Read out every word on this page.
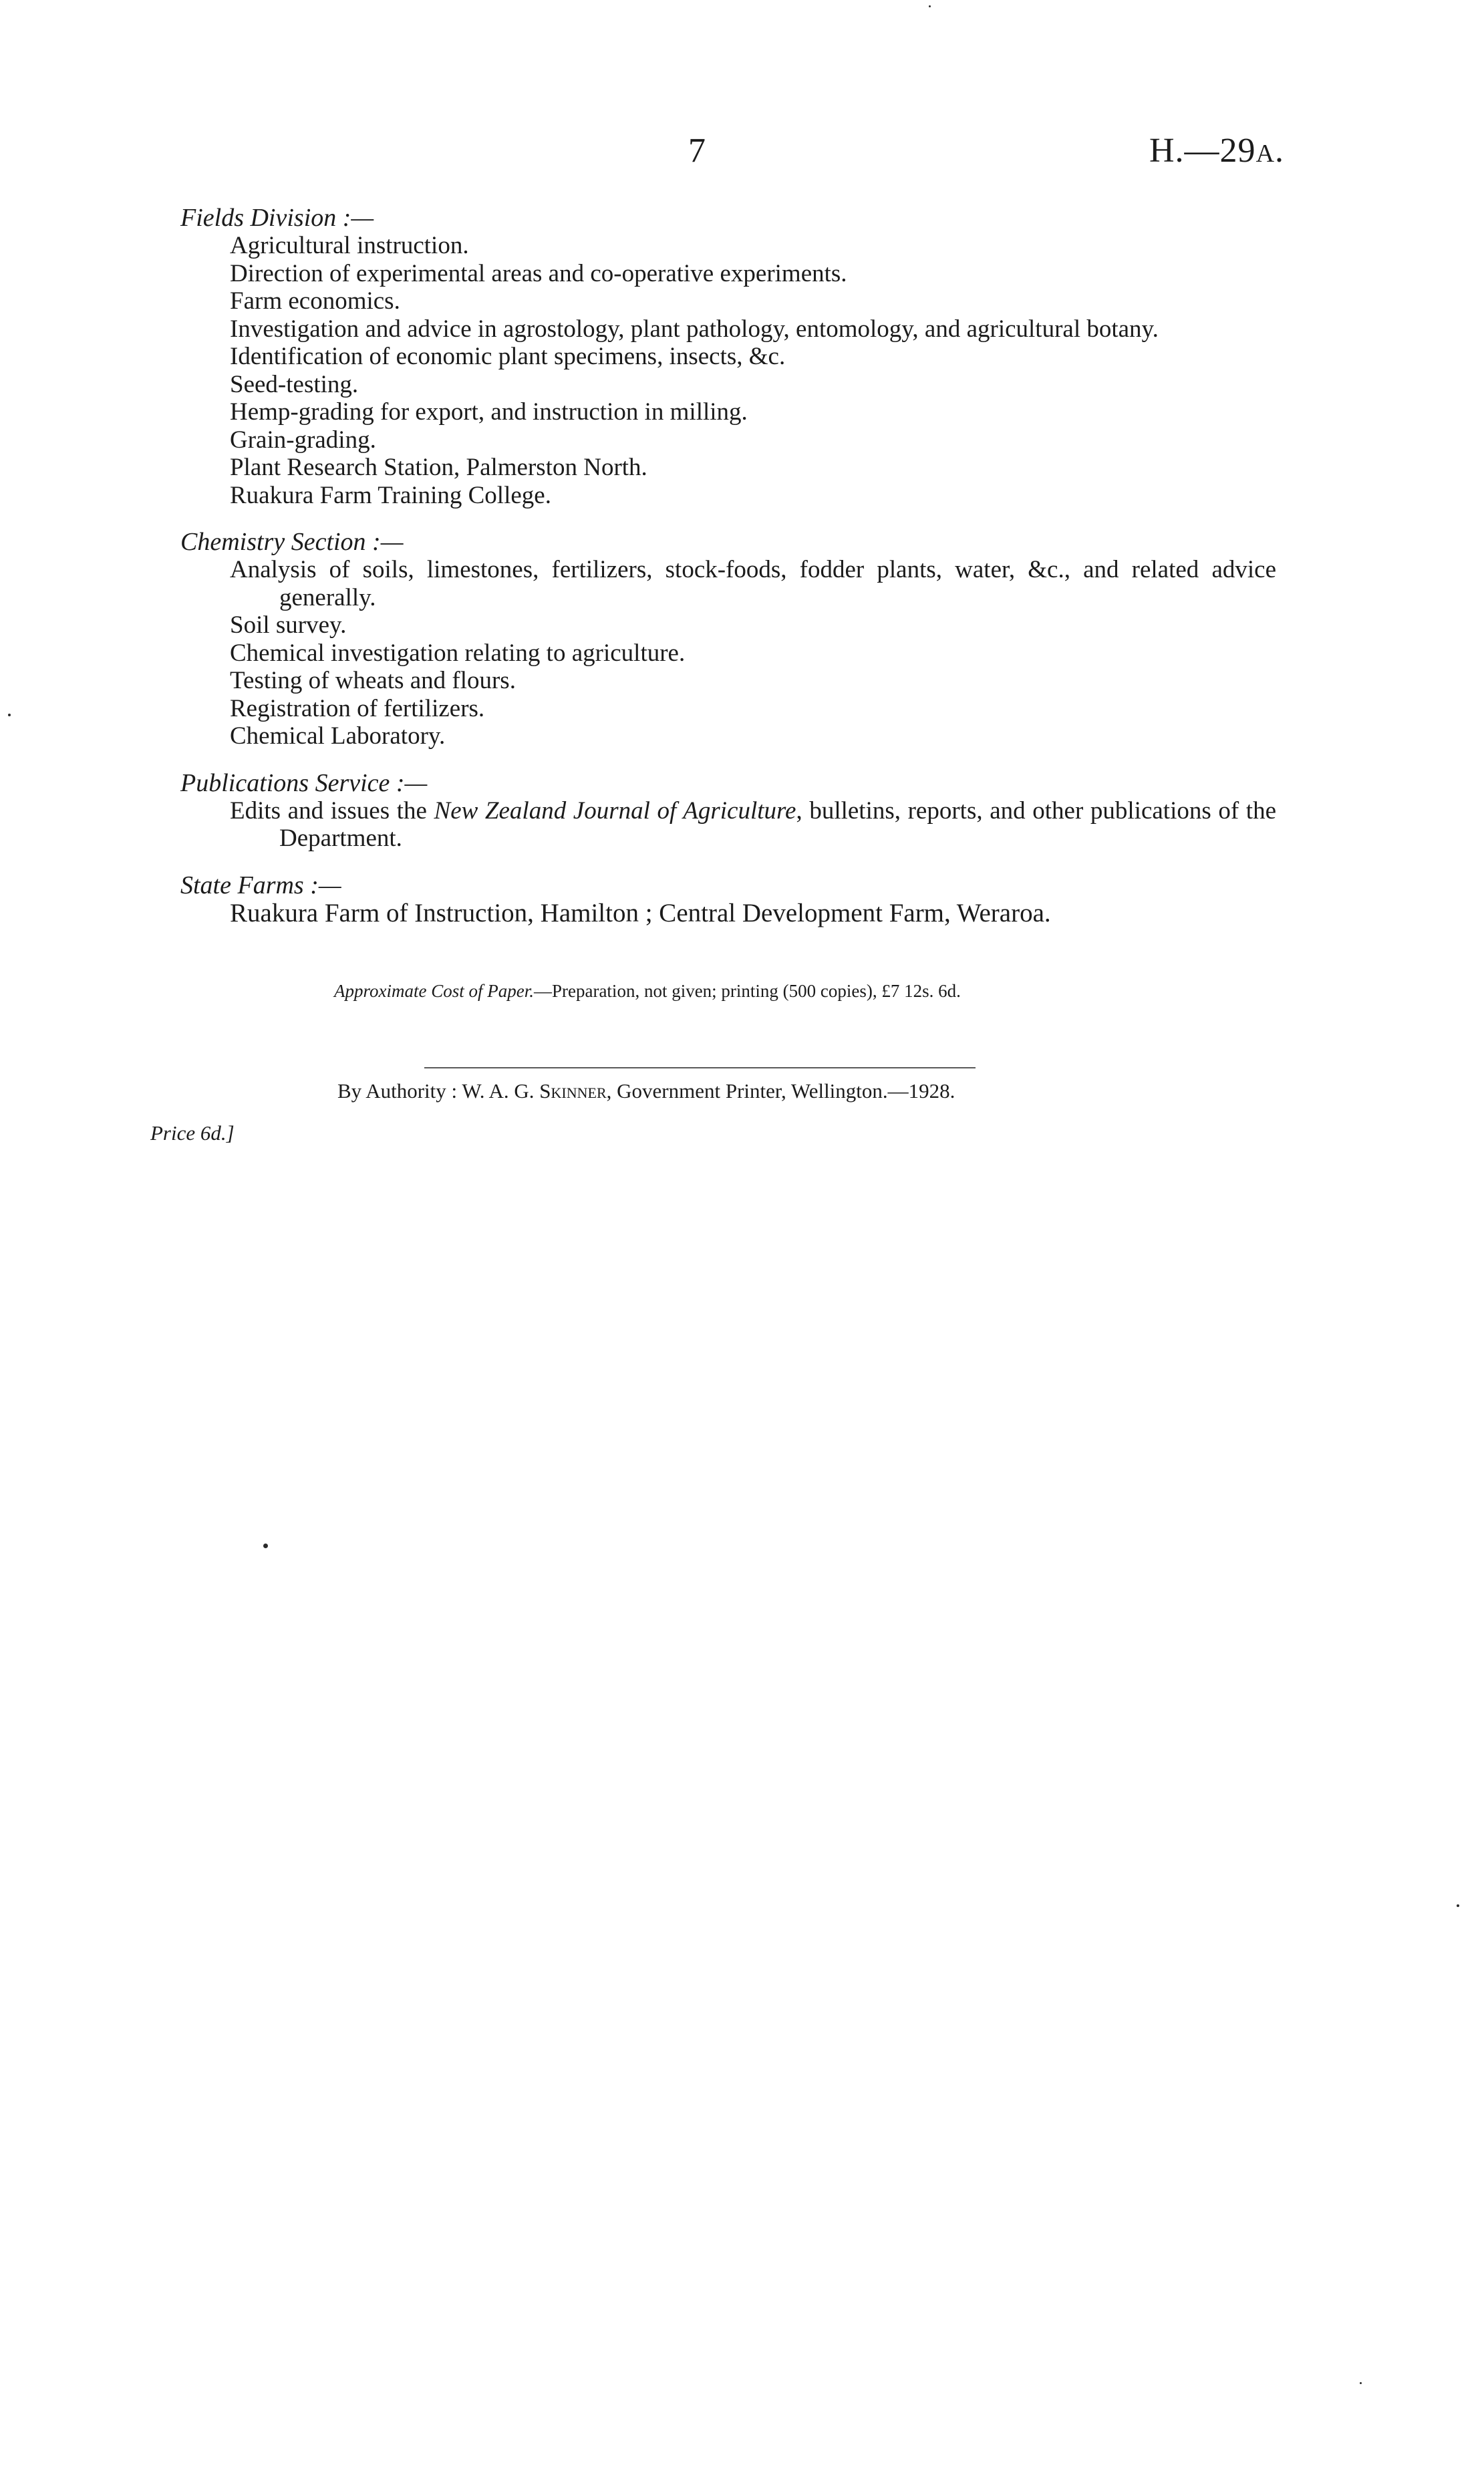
7	H.—29A.

Fields Division :—

Agricultural instruction.
Direction of experimental areas and co-operative experiments.
Farm economics.
Investigation and advice in agrostology, plant pathology, entomology, and agricultural botany.
Identification of economic plant specimens, insects, &c.
Seed-testing.
Hemp-grading for export, and instruction in milling.
Grain-grading.
Plant Research Station, Palmerston North.
Ruakura Farm Training College.

Chemistry Section :—

Analysis of soils, limestones, fertilizers, stock-foods, fodder plants, water, &c., and related advice generally.
Soil survey.
Chemical investigation relating to agriculture.
Testing of wheats and flours.
Registration of fertilizers.
Chemical Laboratory.

Publications Service :—

Edits and issues the New Zealand Journal of Agriculture, bulletins, reports, and other publications of the Department.

State Farms :—

Ruakura Farm of Instruction, Hamilton ; Central Development Farm, Weraroa.
Approximate Cost of Paper.—Preparation, not given; printing (500 copies), £7 12s. 6d.
By Authority : W. A. G. Skinner, Government Printer, Wellington.—1928.
Price 6d.]
